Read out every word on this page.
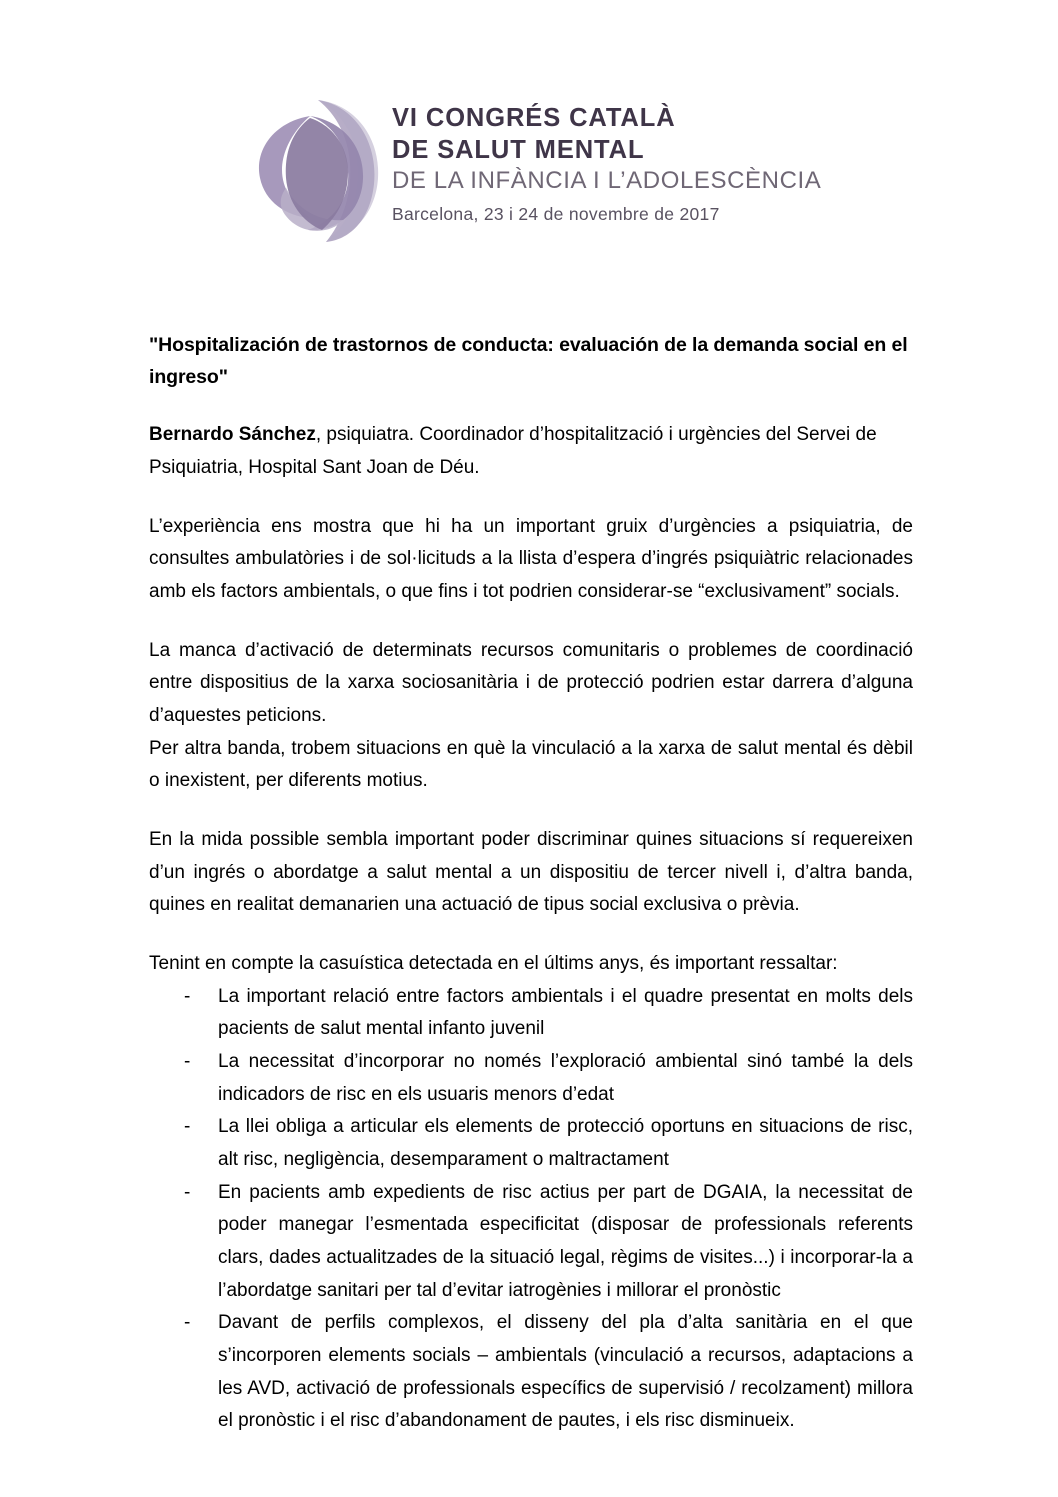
VI CONGRÉS CATALÀ
DE SALUT MENTAL
DE LA INFÀNCIA I L’ADOLESCÈNCIA
Barcelona, 23 i 24 de novembre de 2017
"Hospitalización de trastornos de conducta: evaluación de la demanda social en el ingreso"

Bernardo Sánchez, psiquiatra. Coordinador d’hospitalització i urgències del Servei de Psiquiatria, Hospital Sant Joan de Déu.

L’experiència ens mostra que hi ha un important gruix d’urgències a psiquiatria, de consultes ambulatòries i de sol·licituds a la llista d’espera d’ingrés psiquiàtric relacionades amb els factors ambientals, o que fins i tot podrien considerar-se “exclusivament” socials.

La manca d’activació de determinats recursos comunitaris o problemes de coordinació entre dispositius de la xarxa sociosanitària i de protecció podrien estar darrera d’alguna d’aquestes peticions.

Per altra banda, trobem situacions en què la vinculació a la xarxa de salut mental és dèbil o inexistent, per diferents motius.

En la mida possible sembla important poder discriminar quines situacions sí requereixen d’un ingrés o abordatge a salut mental a un dispositiu de tercer nivell i, d’altra banda, quines en realitat demanarien una actuació de tipus social exclusiva o prèvia.

Tenint en compte la casuística detectada en el últims anys, és important ressaltar:

- La important relació entre factors ambientals i el quadre presentat en molts dels pacients de salut mental infanto juvenil
- La necessitat d’incorporar no només l’exploració ambiental sinó també la dels indicadors de risc en els usuaris menors d’edat
- La llei obliga a articular els elements de protecció oportuns en situacions de risc, alt risc, negligència, desemparament o maltractament
- En pacients amb expedients de risc actius per part de DGAIA, la necessitat de poder manegar l’esmentada especificitat (disposar de professionals referents clars, dades actualitzades de la situació legal, règims de visites...) i incorporar-la a l’abordatge sanitari per tal d’evitar iatrogènies i millorar el pronòstic
- Davant de perfils complexos, el disseny del pla d’alta sanitària en el que s’incorporen elements socials – ambientals (vinculació a recursos, adaptacions a les AVD, activació de professionals específics de supervisió / recolzament) millora el pronòstic i el risc d’abandonament de pautes, i els risc disminueix.
